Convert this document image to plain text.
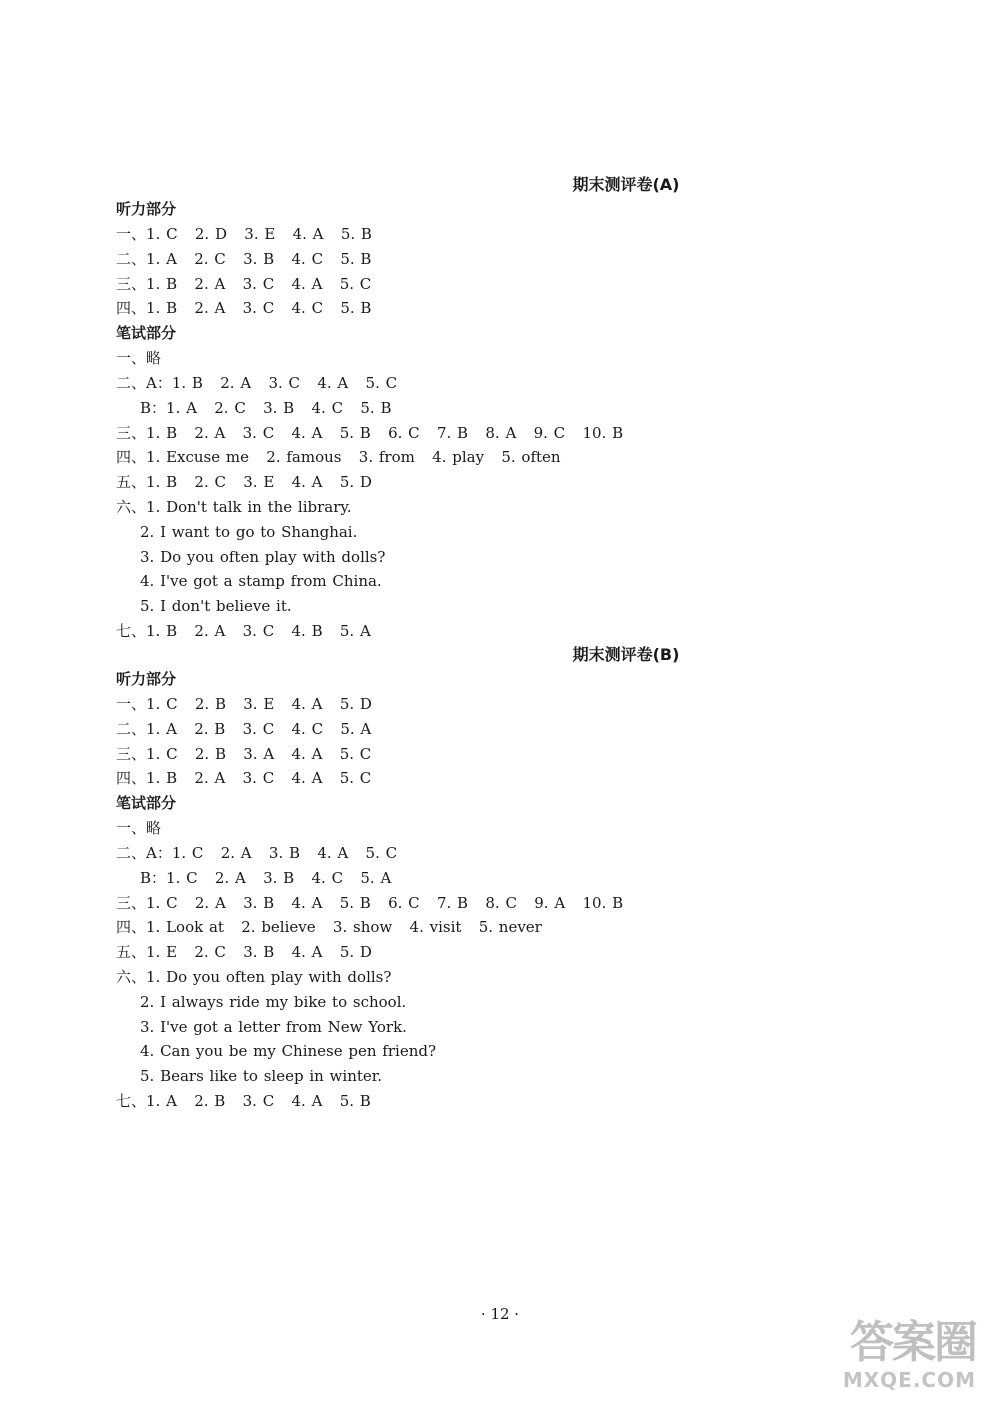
期末测评卷(A)
听力部分
一、1. C   2. D   3. E   4. A   5. B
二、1. A   2. C   3. B   4. C   5. B
三、1. B   2. A   3. C   4. A   5. C
四、1. B   2. A   3. C   4. C   5. B
笔试部分
一、略
二、A：1. B   2. A   3. C   4. A   5. C
B：1. A   2. C   3. B   4. C   5. B
三、1. B   2. A   3. C   4. A   5. B   6. C   7. B   8. A   9. C   10. B
四、1. Excuse me   2. famous   3. from   4. play   5. often
五、1. B   2. C   3. E   4. A   5. D
六、1. Don't talk in the library.
2. I want to go to Shanghai.
3. Do you often play with dolls?
4. I've got a stamp from China.
5. I don't believe it.
七、1. B   2. A   3. C   4. B   5. A
期末测评卷(B)
听力部分
一、1. C   2. B   3. E   4. A   5. D
二、1. A   2. B   3. C   4. C   5. A
三、1. C   2. B   3. A   4. A   5. C
四、1. B   2. A   3. C   4. A   5. C
笔试部分
一、略
二、A：1. C   2. A   3. B   4. A   5. C
B：1. C   2. A   3. B   4. C   5. A
三、1. C   2. A   3. B   4. A   5. B   6. C   7. B   8. C   9. A   10. B
四、1. Look at   2. believe   3. show   4. visit   5. never
五、1. E   2. C   3. B   4. A   5. D
六、1. Do you often play with dolls?
2. I always ride my bike to school.
3. I've got a letter from New York.
4. Can you be my Chinese pen friend?
5. Bears like to sleep in winter.
七、1. A   2. B   3. C   4. A   5. B
· 12 ·
答案圈
MXQE.COM
